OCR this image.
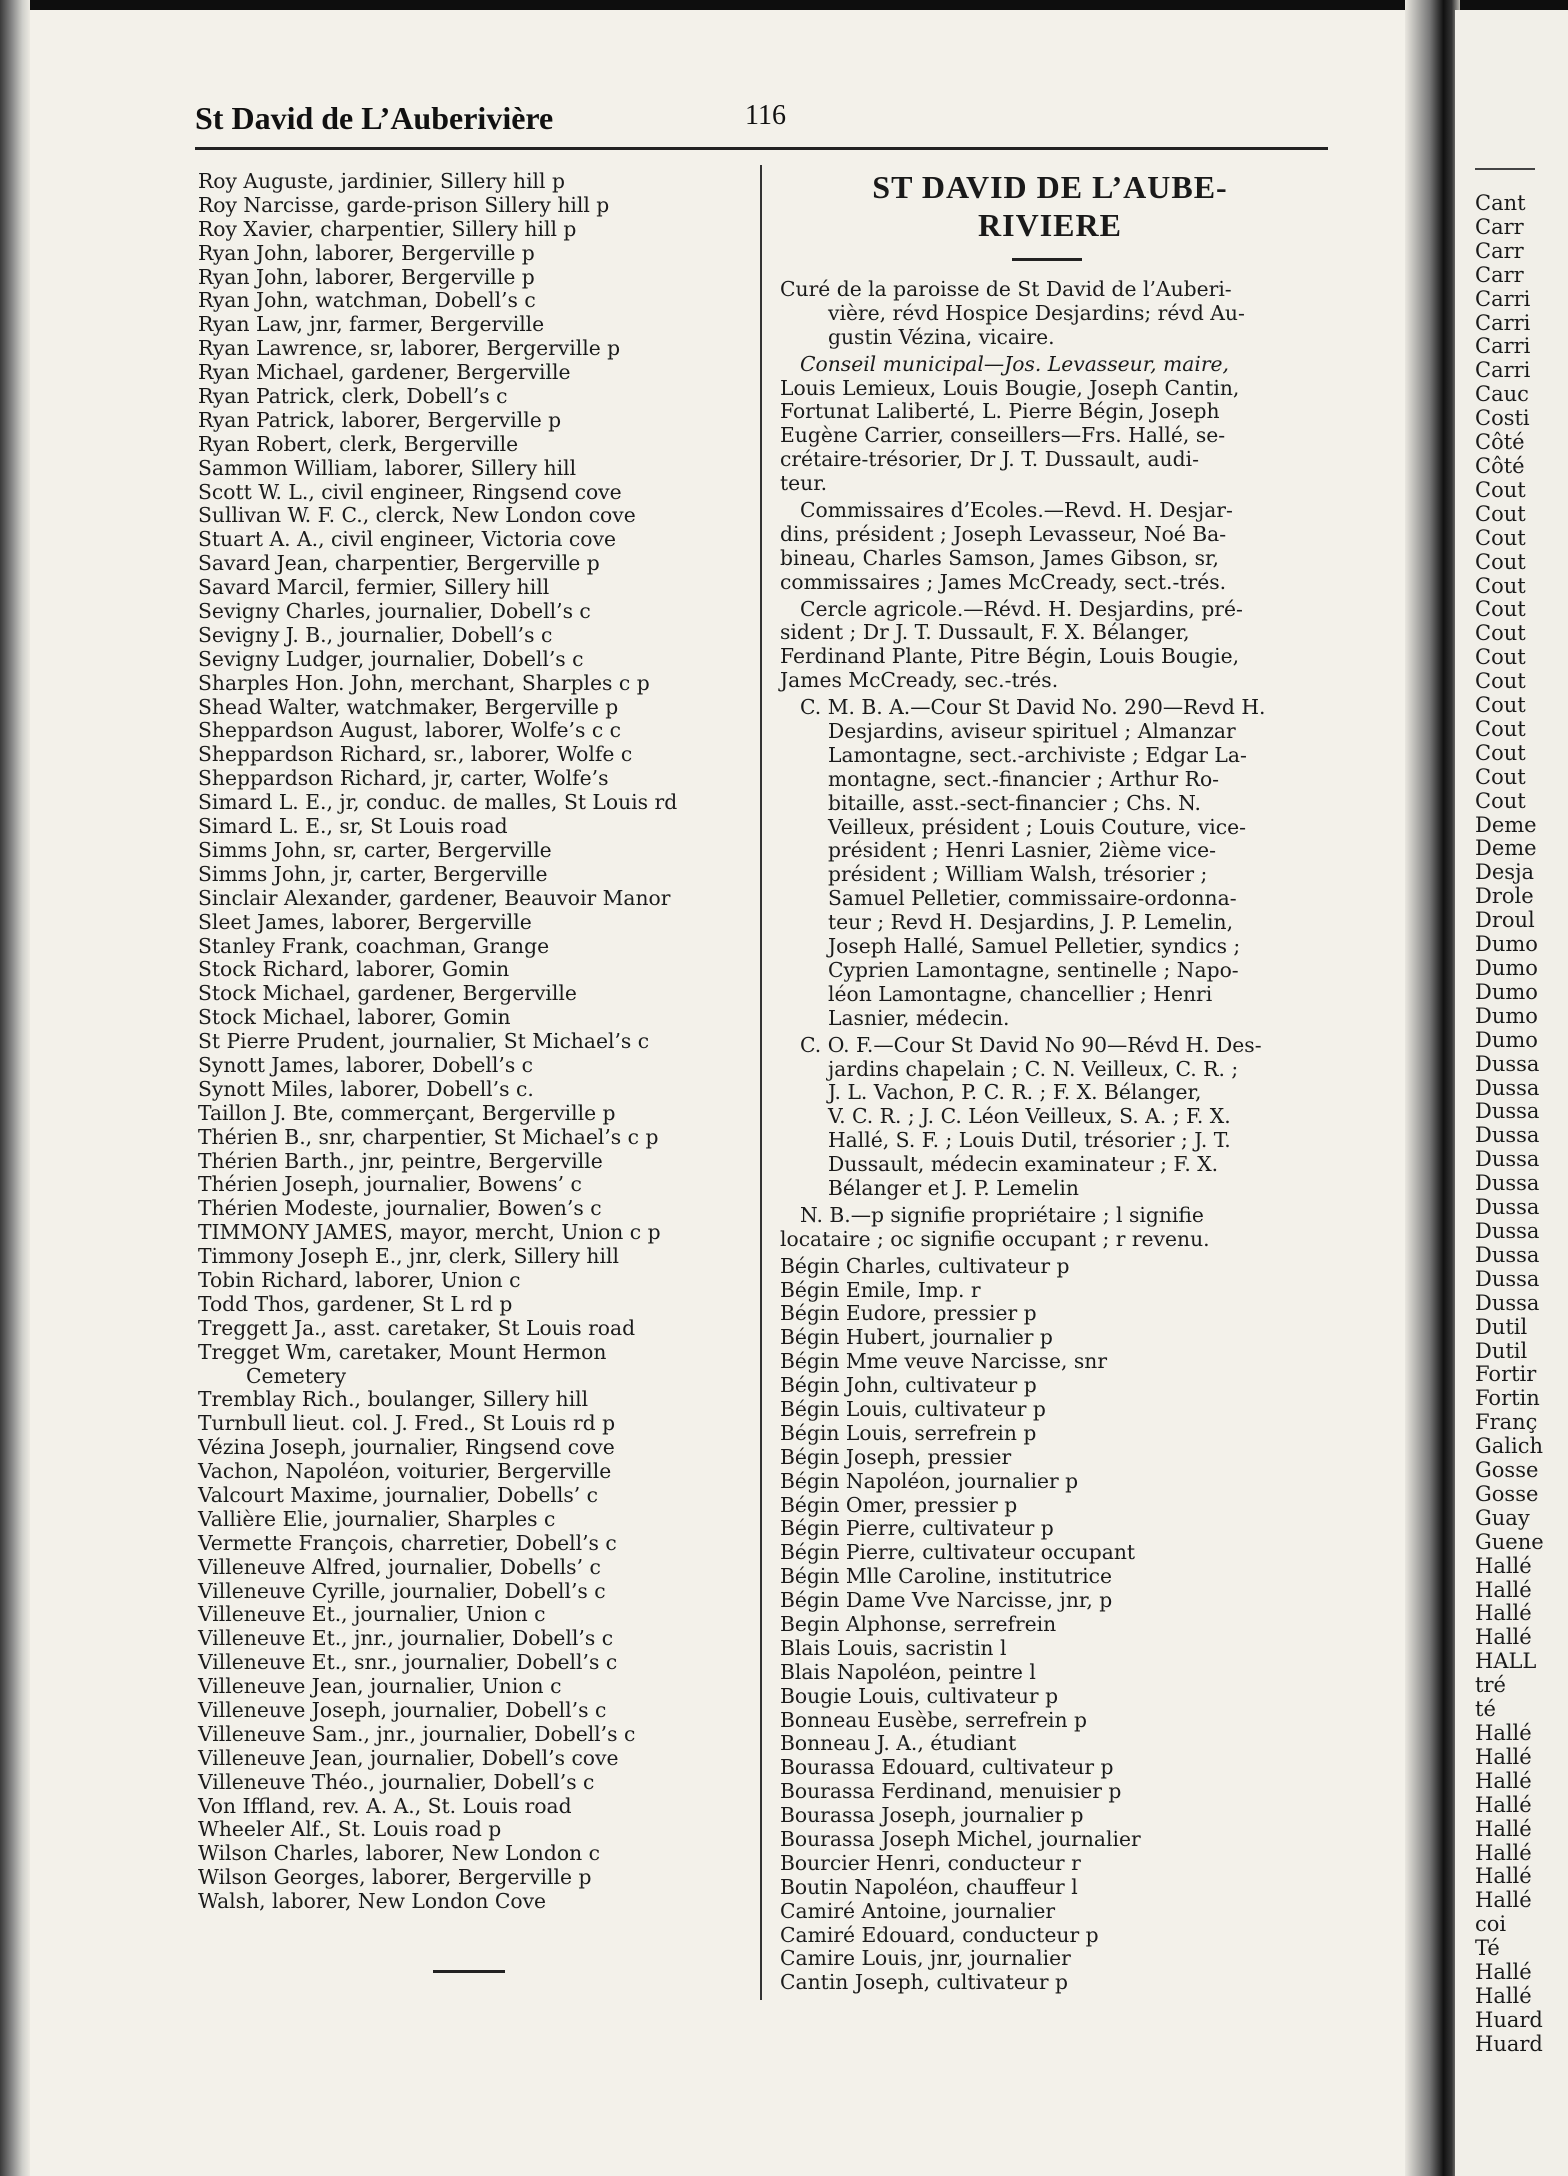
Cant
Carr
Carr
Carr
Carri
Carri
Carri
Carri
Cauc
Costi
Côté
Côté
Cout
Cout
Cout
Cout
Cout
Cout
Cout
Cout
Cout
Cout
Cout
Cout
Cout
Cout
Deme
Deme
Desja
Drole
Droul
Dumo
Dumo
Dumo
Dumo
Dumo
Dussa
Dussa
Dussa
Dussa
Dussa
Dussa
Dussa
Dussa
Dussa
Dussa
Dussa
Dutil
Dutil
Fortir
Fortin
Franç
Galich
Gosse
Gosse
Guay
Guene
Hallé
Hallé
Hallé
Hallé
HALL
tré
té
Hallé
Hallé
Hallé
Hallé
Hallé
Hallé
Hallé
Hallé
coi
Té
Hallé
Hallé
Huard
Huard
St David de L’Auberivière	116
Roy Auguste, jardinier, Sillery hill p
Roy Narcisse, garde-prison Sillery hill p
Roy Xavier, charpentier, Sillery hill p
Ryan John, laborer, Bergerville p
Ryan John, laborer, Bergerville p
Ryan John, watchman, Dobell’s c
Ryan Law, jnr, farmer, Bergerville
Ryan Lawrence, sr, laborer, Bergerville p
Ryan Michael, gardener, Bergerville
Ryan Patrick, clerk, Dobell’s c
Ryan Patrick, laborer, Bergerville p
Ryan Robert, clerk, Bergerville
Sammon William, laborer, Sillery hill
Scott W. L., civil engineer, Ringsend cove
Sullivan W. F. C., clerck, New London cove
Stuart A. A., civil engineer, Victoria cove
Savard Jean, charpentier, Bergerville p
Savard Marcil, fermier, Sillery hill
Sevigny Charles, journalier, Dobell’s c
Sevigny J. B., journalier, Dobell’s c
Sevigny Ludger, journalier, Dobell’s c
Sharples Hon. John, merchant, Sharples c p
Shead Walter, watchmaker, Bergerville p
Sheppardson August, laborer, Wolfe’s c c
Sheppardson Richard, sr., laborer, Wolfe c
Sheppardson Richard, jr, carter, Wolfe’s
Simard L. E., jr, conduc. de malles, St Louis rd
Simard L. E., sr, St Louis road
Simms John, sr, carter, Bergerville
Simms John, jr, carter, Bergerville
Sinclair Alexander, gardener, Beauvoir Manor
Sleet James, laborer, Bergerville
Stanley Frank, coachman, Grange
Stock Richard, laborer, Gomin
Stock Michael, gardener, Bergerville
Stock Michael, laborer, Gomin
St Pierre Prudent, journalier, St Michael’s c
Synott James, laborer, Dobell’s c
Synott Miles, laborer, Dobell’s c.
Taillon J. Bte, commerçant, Bergerville p
Thérien B., snr, charpentier, St Michael’s c p
Thérien Barth., jnr, peintre, Bergerville
Thérien Joseph, journalier, Bowens’ c
Thérien Modeste, journalier, Bowen’s c
TIMMONY JAMES, mayor, mercht, Union c p
Timmony Joseph E., jnr, clerk, Sillery hill
Tobin Richard, laborer, Union c
Todd Thos, gardener, St L rd p
Treggett Ja., asst. caretaker, St Louis road
Tregget Wm, caretaker, Mount Hermon
Cemetery
Tremblay Rich., boulanger, Sillery hill
Turnbull lieut. col. J. Fred., St Louis rd p
Vézina Joseph, journalier, Ringsend cove
Vachon, Napoléon, voiturier, Bergerville
Valcourt Maxime, journalier, Dobells’ c
Vallière Elie, journalier, Sharples c
Vermette François, charretier, Dobell’s c
Villeneuve Alfred, journalier, Dobells’ c
Villeneuve Cyrille, journalier, Dobell’s c
Villeneuve Et., journalier, Union c
Villeneuve Et., jnr., journalier, Dobell’s c
Villeneuve Et., snr., journalier, Dobell’s c
Villeneuve Jean, journalier, Union c
Villeneuve Joseph, journalier, Dobell’s c
Villeneuve Sam., jnr., journalier, Dobell’s c
Villeneuve Jean, journalier, Dobell’s cove
Villeneuve Théo., journalier, Dobell’s c
Von Iffland, rev. A. A., St. Louis road
Wheeler Alf., St. Louis road p
Wilson Charles, laborer, New London c
Wilson Georges, laborer, Bergerville p
Walsh, laborer, New London Cove
ST DAVID DE L’AUBE-
RIVIERE
Curé de la paroisse de St David de l’Auberi-
vière, révd Hospice Desjardins; révd Au-
gustin Vézina, vicaire.
Conseil municipal—Jos. Levasseur, maire,
Louis Lemieux, Louis Bougie, Joseph Cantin,
Fortunat Laliberté, L. Pierre Bégin, Joseph
Eugène Carrier, conseillers—Frs. Hallé, se-
crétaire-trésorier, Dr J. T. Dussault, audi-
teur.
Commissaires d’Ecoles.—Revd. H. Desjar-
dins, président ; Joseph Levasseur, Noé Ba-
bineau, Charles Samson, James Gibson, sr,
commissaires ; James McCready, sect.-trés.
Cercle agricole.—Révd. H. Desjardins, pré-
sident ; Dr J. T. Dussault, F. X. Bélanger,
Ferdinand Plante, Pitre Bégin, Louis Bougie,
James McCready, sec.-trés.
C. M. B. A.—Cour St David No. 290—Revd H.
Desjardins, aviseur spirituel ; Almanzar
Lamontagne, sect.-archiviste ; Edgar La-
montagne, sect.-financier ; Arthur Ro-
bitaille, asst.-sect-financier ; Chs. N.
Veilleux, président ; Louis Couture, vice-
président ; Henri Lasnier, 2ième vice-
président ; William Walsh, trésorier ;
Samuel Pelletier, commissaire-ordonna-
teur ; Revd H. Desjardins, J. P. Lemelin,
Joseph Hallé, Samuel Pelletier, syndics ;
Cyprien Lamontagne, sentinelle ; Napo-
léon Lamontagne, chancellier ; Henri
Lasnier, médecin.
C. O. F.—Cour St David No 90—Révd H. Des-
jardins chapelain ; C. N. Veilleux, C. R. ;
J. L. Vachon, P. C. R. ; F. X. Bélanger,
V. C. R. ; J. C. Léon Veilleux, S. A. ; F. X.
Hallé, S. F. ; Louis Dutil, trésorier ; J. T.
Dussault, médecin examinateur ; F. X.
Bélanger et J. P. Lemelin
N. B.—p signifie propriétaire ; l signifie
locataire ; oc signifie occupant ; r revenu.
Bégin Charles, cultivateur p
Bégin Emile, Imp. r
Bégin Eudore, pressier p
Bégin Hubert, journalier p
Bégin Mme veuve Narcisse, snr
Bégin John, cultivateur p
Bégin Louis, cultivateur p
Bégin Louis, serrefrein p
Bégin Joseph, pressier
Bégin Napoléon, journalier p
Bégin Omer, pressier p
Bégin Pierre, cultivateur p
Bégin Pierre, cultivateur occupant
Bégin Mlle Caroline, institutrice
Bégin Dame Vve Narcisse, jnr, p
Begin Alphonse, serrefrein
Blais Louis, sacristin l
Blais Napoléon, peintre l
Bougie Louis, cultivateur p
Bonneau Eusèbe, serrefrein p
Bonneau J. A., étudiant
Bourassa Edouard, cultivateur p
Bourassa Ferdinand, menuisier p
Bourassa Joseph, journalier p
Bourassa Joseph Michel, journalier
Bourcier Henri, conducteur r
Boutin Napoléon, chauffeur l
Camiré Antoine, journalier
Camiré Edouard, conducteur p
Camire Louis, jnr, journalier
Cantin Joseph, cultivateur p
